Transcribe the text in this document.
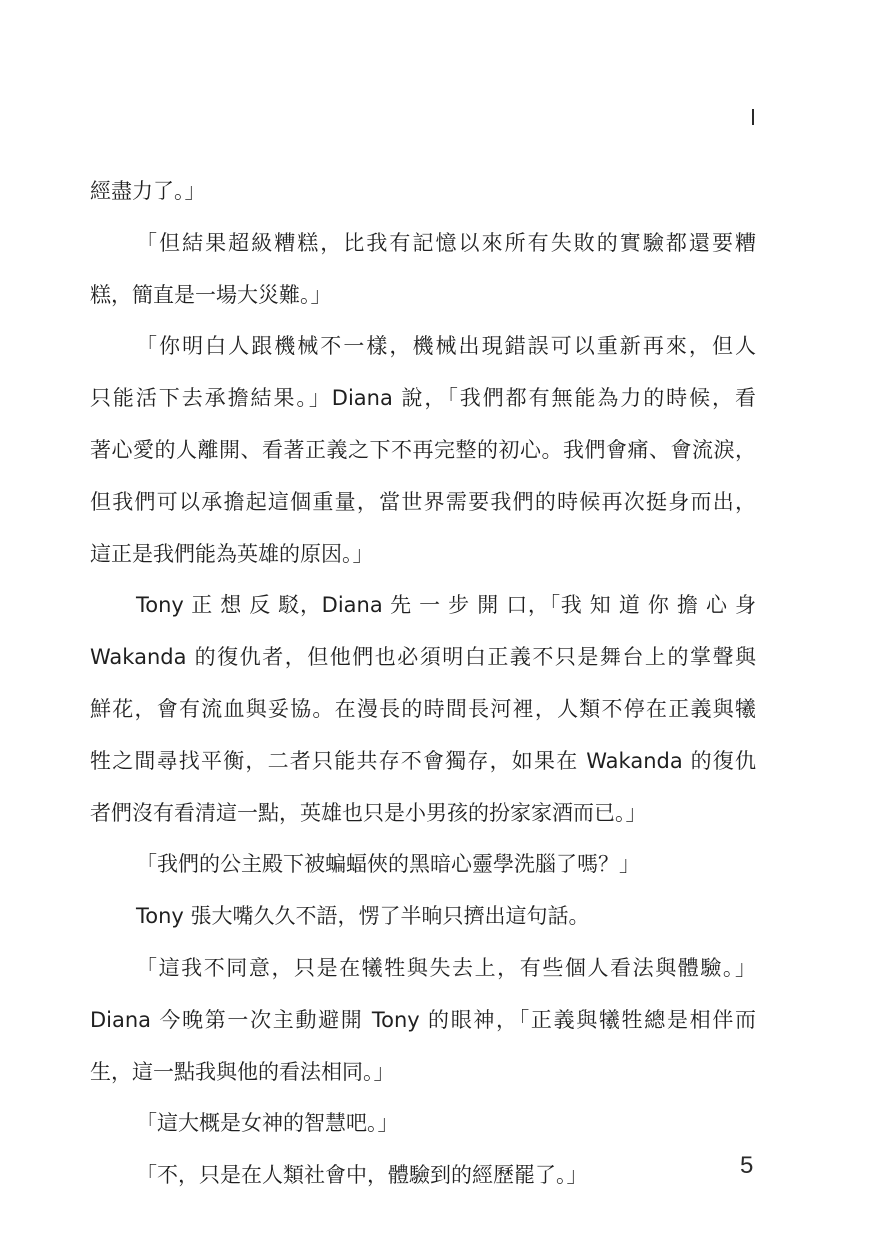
經盡力了。」
「但結果超級糟糕，比我有記憶以來所有失敗的實驗都還要糟
糕，簡直是一場大災難。」
「你明白人跟機械不一樣，機械出現錯誤可以重新再來，但人
只能活下去承擔結果。」Diana 說，「我們都有無能為力的時候，看
著心愛的人離開、看著正義之下不再完整的初心。我們會痛、會流淚，
但我們可以承擔起這個重量，當世界需要我們的時候再次挺身而出，
這正是我們能為英雄的原因。」
Tony 正 想 反 駁，Diana 先 一 步 開 口，「我 知 道 你 擔 心 身
Wakanda 的復仇者，但他們也必須明白正義不只是舞台上的掌聲與
鮮花，會有流血與妥協。在漫長的時間長河裡，人類不停在正義與犧
牲之間尋找平衡，二者只能共存不會獨存，如果在 Wakanda 的復仇
者們沒有看清這一點，英雄也只是小男孩的扮家家酒而已。」
「我們的公主殿下被蝙蝠俠的黑暗心靈學洗腦了嗎？」
Tony 張大嘴久久不語，愣了半晌只擠出這句話。
「這我不同意，只是在犧牲與失去上，有些個人看法與體驗。」
Diana 今晚第一次主動避開 Tony 的眼神，「正義與犧牲總是相伴而
生，這一點我與他的看法相同。」
「這大概是女神的智慧吧。」
「不，只是在人類社會中，體驗到的經歷罷了。」	5
